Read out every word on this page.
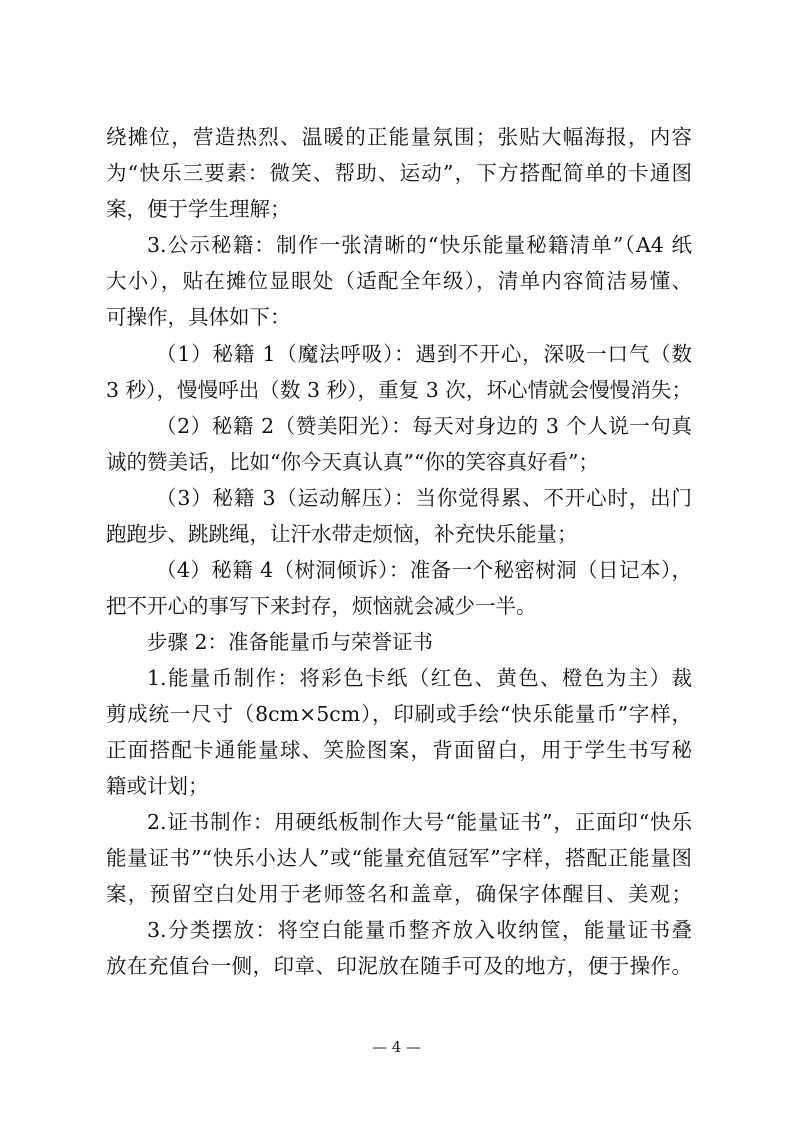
绕摊位，营造热烈、温暖的正能量氛围；张贴大幅海报，内容
为“快乐三要素：微笑、帮助、运动”，下方搭配简单的卡通图
案，便于学生理解；
3.公示秘籍：制作一张清晰的“快乐能量秘籍清单”（A4 纸
大小），贴在摊位显眼处（适配全年级），清单内容简洁易懂、
可操作，具体如下：
（1）秘籍 1（魔法呼吸）：遇到不开心，深吸一口气（数
3 秒），慢慢呼出（数 3 秒），重复 3 次，坏心情就会慢慢消失；
（2）秘籍 2（赞美阳光）：每天对身边的 3 个人说一句真
诚的赞美话，比如“你今天真认真”“你的笑容真好看”；
（3）秘籍 3（运动解压）：当你觉得累、不开心时，出门
跑跑步、跳跳绳，让汗水带走烦恼，补充快乐能量；
（4）秘籍 4（树洞倾诉）：准备一个秘密树洞（日记本），
把不开心的事写下来封存，烦恼就会减少一半。
步骤 2：准备能量币与荣誉证书
1.能量币制作：将彩色卡纸（红色、黄色、橙色为主）裁
剪成统一尺寸（8cm×5cm），印刷或手绘“快乐能量币”字样，
正面搭配卡通能量球、笑脸图案，背面留白，用于学生书写秘
籍或计划；
2.证书制作：用硬纸板制作大号“能量证书”，正面印“快乐
能量证书”“快乐小达人”或“能量充值冠军”字样，搭配正能量图
案，预留空白处用于老师签名和盖章，确保字体醒目、美观；
3.分类摆放：将空白能量币整齐放入收纳筐，能量证书叠
放在充值台一侧，印章、印泥放在随手可及的地方，便于操作。
— 4 —
